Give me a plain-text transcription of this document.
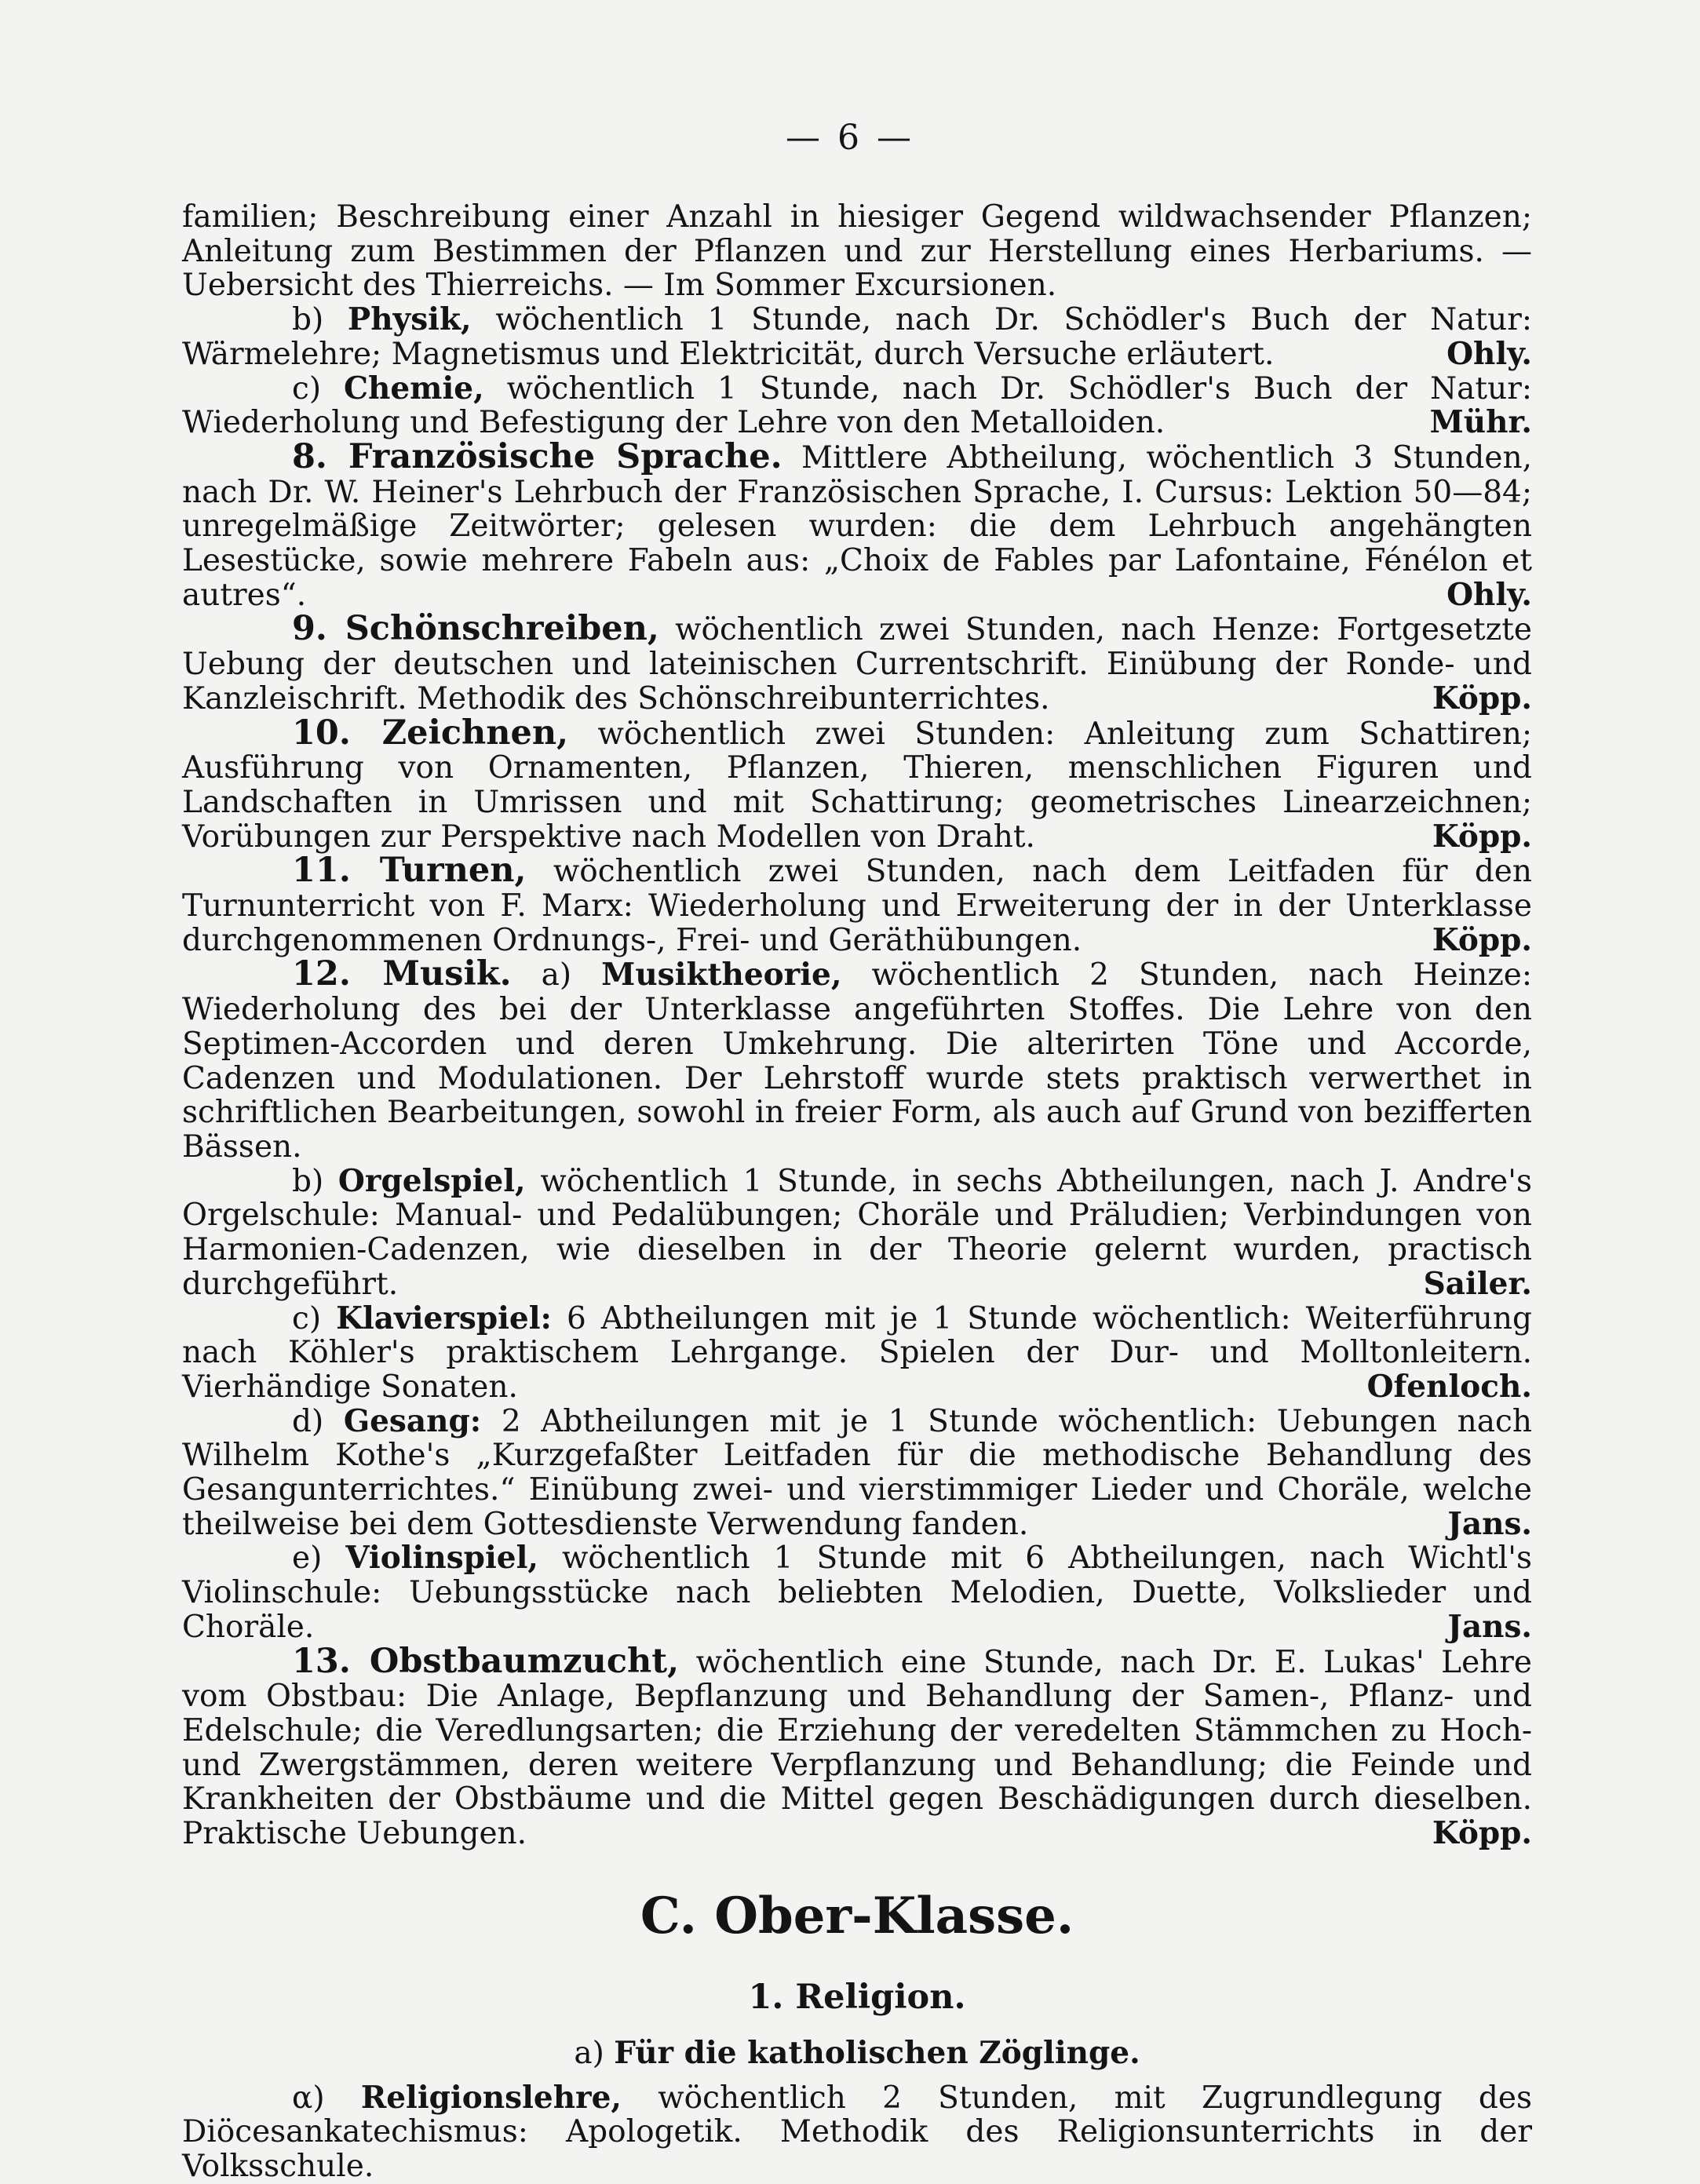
— 6 —

familien; Beschreibung einer Anzahl in hiesiger Gegend wildwachsender Pflanzen; Anleitung zum Bestimmen der Pflanzen und zur Herstellung eines Herbariums. — Uebersicht des Thierreichs. — Im Sommer Excursionen.

b) Physik, wöchentlich 1 Stunde, nach Dr. Schödler's Buch der Natur: Wärmelehre; Magnetismus und Elektricität, durch Versuche erläutert.	Ohly.

c) Chemie, wöchentlich 1 Stunde, nach Dr. Schödler's Buch der Natur: Wiederholung und Befestigung der Lehre von den Metalloiden.	Mühr.

8. Französische Sprache. Mittlere Abtheilung, wöchentlich 3 Stunden, nach Dr. W. Heiner's Lehrbuch der Französischen Sprache, I. Cursus: Lektion 50—84; unregelmäßige Zeitwörter; gelesen wurden: die dem Lehrbuch angehängten Lesestücke, sowie mehrere Fabeln aus: „Choix de Fables par Lafontaine, Fénélon et autres“.	Ohly.

9. Schönschreiben, wöchentlich zwei Stunden, nach Henze: Fortgesetzte Uebung der deutschen und lateinischen Currentschrift. Einübung der Ronde- und Kanzleischrift. Methodik des Schönschreibunterrichtes.	Köpp.

10. Zeichnen, wöchentlich zwei Stunden: Anleitung zum Schattiren; Ausführung von Ornamenten, Pflanzen, Thieren, menschlichen Figuren und Landschaften in Umrissen und mit Schattirung; geometrisches Linearzeichnen; Vorübungen zur Perspektive nach Modellen von Draht.	Köpp.

11. Turnen, wöchentlich zwei Stunden, nach dem Leitfaden für den Turnunterricht von F. Marx: Wiederholung und Erweiterung der in der Unterklasse durchgenommenen Ordnungs-, Frei- und Geräthübungen.	Köpp.

12. Musik. a) Musiktheorie, wöchentlich 2 Stunden, nach Heinze: Wiederholung des bei der Unterklasse angeführten Stoffes. Die Lehre von den Septimen-Accorden und deren Umkehrung. Die alterirten Töne und Accorde, Cadenzen und Modulationen. Der Lehrstoff wurde stets praktisch verwerthet in schriftlichen Bearbeitungen, sowohl in freier Form, als auch auf Grund von bezifferten Bässen.

b) Orgelspiel, wöchentlich 1 Stunde, in sechs Abtheilungen, nach J. Andre's Orgelschule: Manual- und Pedalübungen; Choräle und Präludien; Verbindungen von Harmonien-Cadenzen, wie dieselben in der Theorie gelernt wurden, practisch durchgeführt.	Sailer.

c) Klavierspiel: 6 Abtheilungen mit je 1 Stunde wöchentlich: Weiterführung nach Köhler's praktischem Lehrgange. Spielen der Dur- und Molltonleitern. Vierhändige Sonaten.	Ofenloch.

d) Gesang: 2 Abtheilungen mit je 1 Stunde wöchentlich: Uebungen nach Wilhelm Kothe's „Kurzgefaßter Leitfaden für die methodische Behandlung des Gesangunterrichtes.“ Einübung zwei- und vierstimmiger Lieder und Choräle, welche theilweise bei dem Gottesdienste Verwendung fanden.	Jans.

e) Violinspiel, wöchentlich 1 Stunde mit 6 Abtheilungen, nach Wichtl's Violinschule: Uebungsstücke nach beliebten Melodien, Duette, Volkslieder und Choräle.	Jans.

13. Obstbaumzucht, wöchentlich eine Stunde, nach Dr. E. Lukas' Lehre vom Obstbau: Die Anlage, Bepflanzung und Behandlung der Samen-, Pflanz- und Edelschule; die Veredlungsarten; die Erziehung der veredelten Stämmchen zu Hoch- und Zwergstämmen, deren weitere Verpflanzung und Behandlung; die Feinde und Krankheiten der Obstbäume und die Mittel gegen Beschädigungen durch dieselben. Praktische Uebungen.	Köpp.

C. Ober-Klasse.
1. Religion.
a) Für die katholischen Zöglinge.

α) Religionslehre, wöchentlich 2 Stunden, mit Zugrundlegung des Diöcesankatechismus: Apologetik. Methodik des Religionsunterrichts in der Volksschule.
